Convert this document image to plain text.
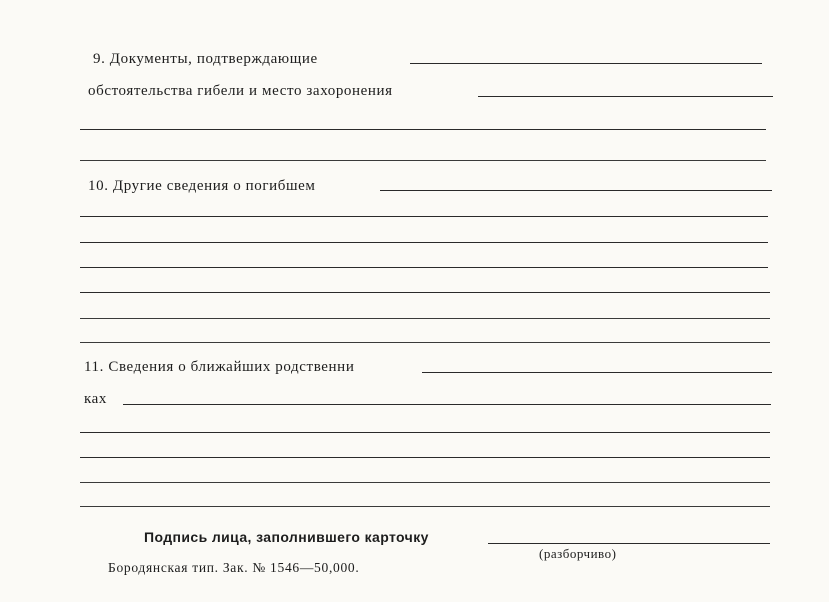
9. Документы, подтверждающие
обстоятельства гибели и место захоронения
10. Другие сведения о погибшем
11. Сведения о ближайших родственни
ках
Подпись лица, заполнившего карточку
(разборчиво)
Бородянская тип. Зак. № 1546—50,000.
